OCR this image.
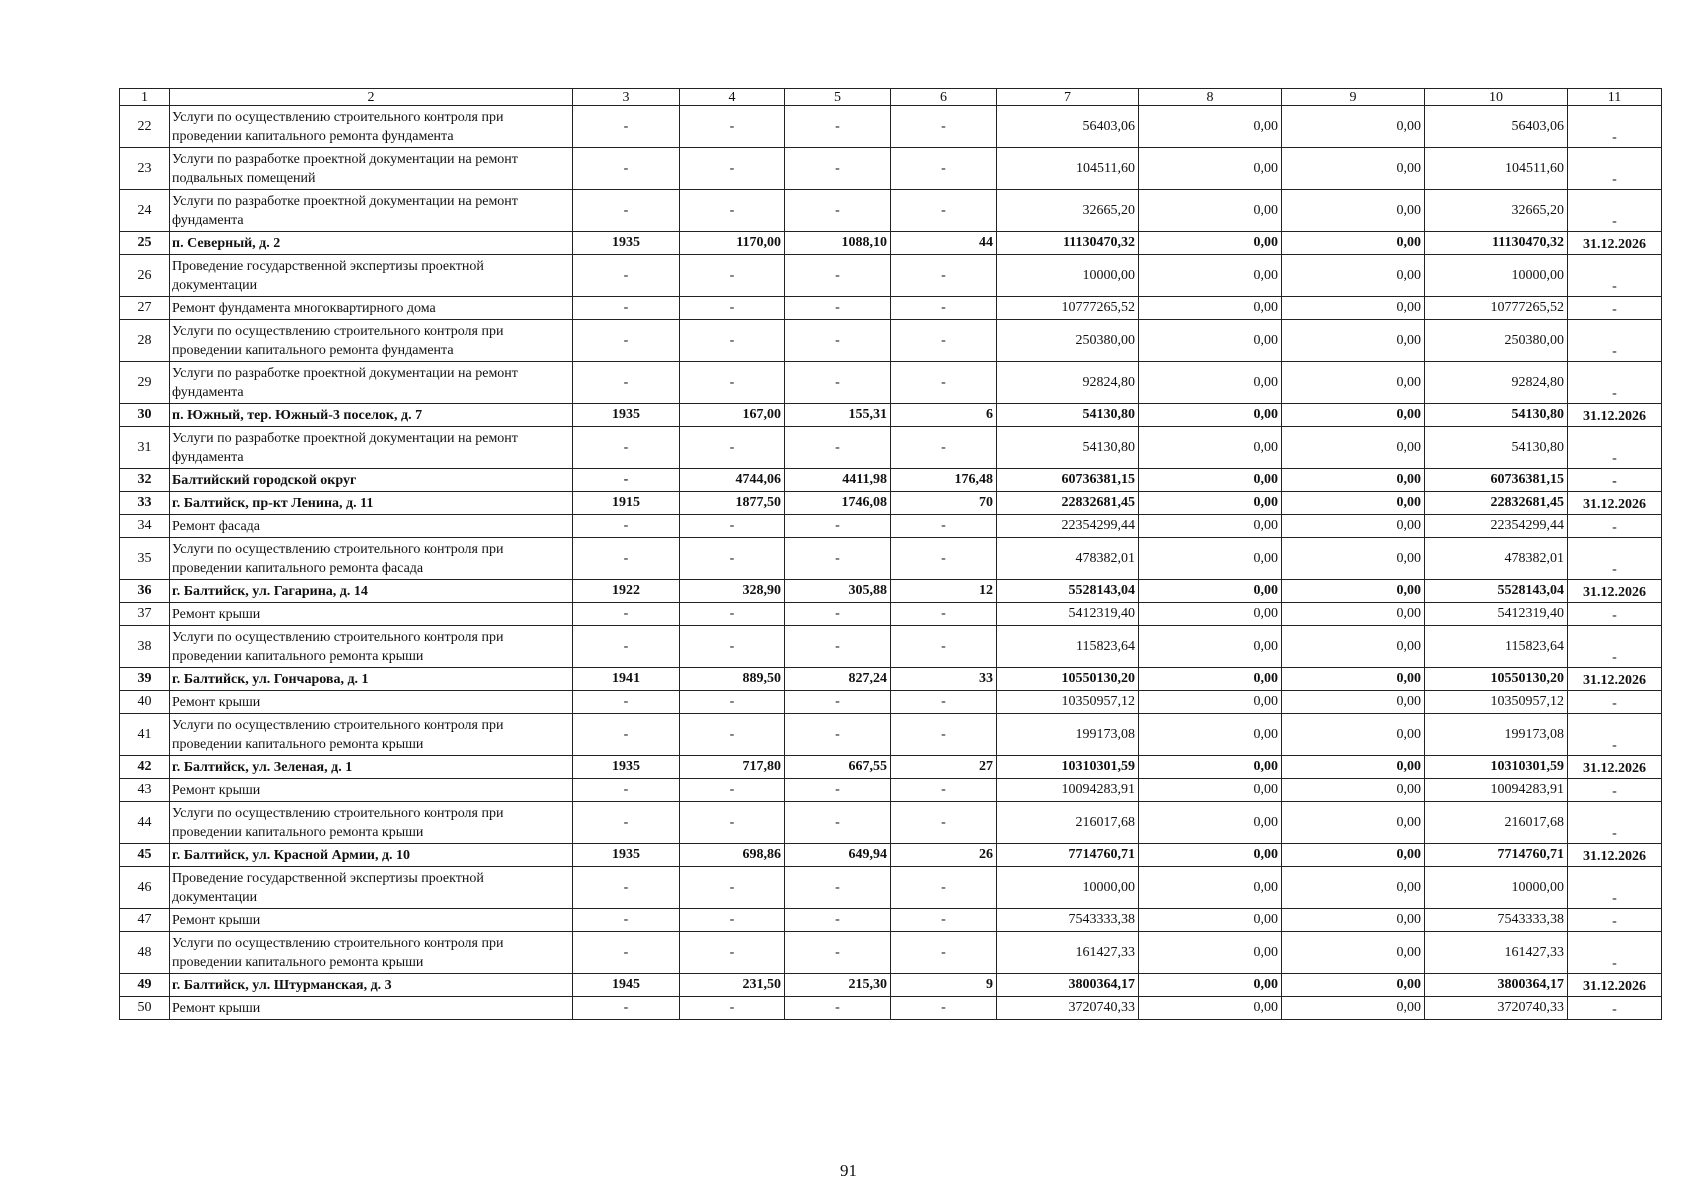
1	2	3	4	5	6	7	8	9	10	11
22	Услуги по осуществлению строительного контроля при проведении капитального ремонта фундамента	-	-	-	-	56403,06	0,00	0,00	56403,06	-
23	Услуги по разработке проектной документации на ремонт подвальных помещений	-	-	-	-	104511,60	0,00	0,00	104511,60	-
24	Услуги по разработке проектной документации на ремонт фундамента	-	-	-	-	32665,20	0,00	0,00	32665,20	-
25	п. Северный, д. 2	1935	1170,00	1088,10	44	11130470,32	0,00	0,00	11130470,32	31.12.2026
26	Проведение государственной экспертизы проектной документации	-	-	-	-	10000,00	0,00	0,00	10000,00	-
27	Ремонт фундамента многоквартирного дома	-	-	-	-	10777265,52	0,00	0,00	10777265,52	-
28	Услуги по осуществлению строительного контроля при проведении капитального ремонта фундамента	-	-	-	-	250380,00	0,00	0,00	250380,00	-
29	Услуги по разработке проектной документации на ремонт фундамента	-	-	-	-	92824,80	0,00	0,00	92824,80	-
30	п. Южный, тер. Южный-3 поселок, д. 7	1935	167,00	155,31	6	54130,80	0,00	0,00	54130,80	31.12.2026
31	Услуги по разработке проектной документации на ремонт фундамента	-	-	-	-	54130,80	0,00	0,00	54130,80	-
32	Балтийский городской округ	-	4744,06	4411,98	176,48	60736381,15	0,00	0,00	60736381,15	-
33	г. Балтийск, пр-кт Ленина, д. 11	1915	1877,50	1746,08	70	22832681,45	0,00	0,00	22832681,45	31.12.2026
34	Ремонт фасада	-	-	-	-	22354299,44	0,00	0,00	22354299,44	-
35	Услуги по осуществлению строительного контроля при проведении капитального ремонта фасада	-	-	-	-	478382,01	0,00	0,00	478382,01	-
36	г. Балтийск, ул. Гагарина, д. 14	1922	328,90	305,88	12	5528143,04	0,00	0,00	5528143,04	31.12.2026
37	Ремонт крыши	-	-	-	-	5412319,40	0,00	0,00	5412319,40	-
38	Услуги по осуществлению строительного контроля при проведении капитального ремонта крыши	-	-	-	-	115823,64	0,00	0,00	115823,64	-
39	г. Балтийск, ул. Гончарова, д. 1	1941	889,50	827,24	33	10550130,20	0,00	0,00	10550130,20	31.12.2026
40	Ремонт крыши	-	-	-	-	10350957,12	0,00	0,00	10350957,12	-
41	Услуги по осуществлению строительного контроля при проведении капитального ремонта крыши	-	-	-	-	199173,08	0,00	0,00	199173,08	-
42	г. Балтийск, ул. Зеленая, д. 1	1935	717,80	667,55	27	10310301,59	0,00	0,00	10310301,59	31.12.2026
43	Ремонт крыши	-	-	-	-	10094283,91	0,00	0,00	10094283,91	-
44	Услуги по осуществлению строительного контроля при проведении капитального ремонта крыши	-	-	-	-	216017,68	0,00	0,00	216017,68	-
45	г. Балтийск, ул. Красной Армии, д. 10	1935	698,86	649,94	26	7714760,71	0,00	0,00	7714760,71	31.12.2026
46	Проведение государственной экспертизы проектной документации	-	-	-	-	10000,00	0,00	0,00	10000,00	-
47	Ремонт крыши	-	-	-	-	7543333,38	0,00	0,00	7543333,38	-
48	Услуги по осуществлению строительного контроля при проведении капитального ремонта крыши	-	-	-	-	161427,33	0,00	0,00	161427,33	-
49	г. Балтийск, ул. Штурманская, д. 3	1945	231,50	215,30	9	3800364,17	0,00	0,00	3800364,17	31.12.2026
50	Ремонт крыши	-	-	-	-	3720740,33	0,00	0,00	3720740,33	-
91
